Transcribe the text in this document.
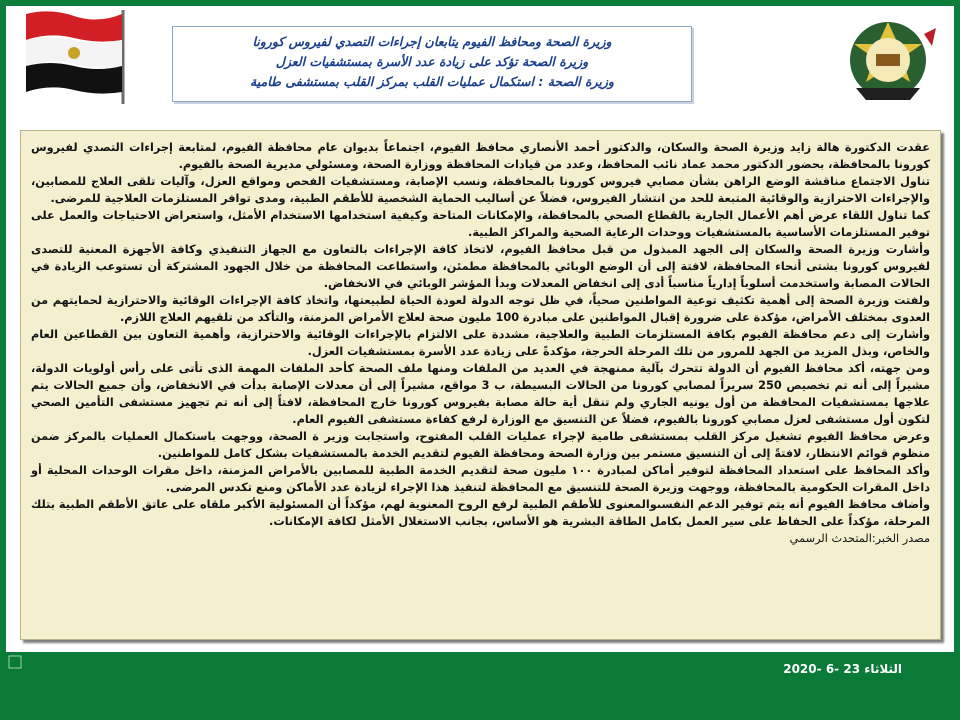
وزيرة الصحة ومحافظ الفيوم يتابعان إجراءات التصدي لفيروس كورونا

وزيرة الصحة تؤكد على زيادة عدد الأسرة بمستشفيات العزل

وزيرة الصحة : استكمال عمليات القلب بمركز القلب بمستشفى طامية

عقدت الدكتورة هالة زايد وزيرة الصحة والسكان، والدكتور أحمد الأنصاري محافظ الفيوم، اجتماعاً بديوان عام محافظة الفيوم، لمتابعة إجراءات التصدي لفيروس كورونا بالمحافظة، بحضور الدكتور محمد عماد نائب المحافظ، وعدد من قيادات المحافظة ووزارة الصحة، ومسئولي مديرية الصحة بالفيوم.

تناول الاجتماع مناقشة الوضع الراهن بشأن مصابي فيروس كورونا بالمحافظة، ونسب الإصابة، ومستشفيات الفحص ومواقع العزل، وآليات تلقى العلاج للمصابين، والإجراءات الاحترازية والوقائية المتبعة للحد من انتشار الفيروس، فضلاً عن أساليب الحماية الشخصية للأطقم الطبية، ومدى توافر المستلزمات العلاجية للمرضى.

كما تناول اللقاء عرض أهم الأعمال الجارية بالقطاع الصحي بالمحافظة، والإمكانات المتاحة وكيفية استخدامها الاستخدام الأمثل، واستعراض الاحتياجات والعمل على توفير المستلزمات الأساسية بالمستشفيات ووحدات الرعاية الصحية والمراكز الطبية.

وأشارت وزيرة الصحة والسكان إلى الجهد المبذول من قبل محافظ الفيوم، لاتخاذ كافة الإجراءات بالتعاون مع الجهاز التنفيذي وكافة الأجهزة المعنية للتصدى لفيروس كورونا بشتى أنحاء المحافظة، لافتة إلى أن الوضع الوبائي بالمحافظة مطمئن، واستطاعت المحافظة من خلال الجهود المشتركة أن تستوعب الزيادة في الحالات المصابة واستخدمت أسلوباً إدارياً مناسباً أدى إلى انخفاض المعدلات وبدأ المؤشر الوبائي في الانخفاض.

ولفتت وزيرة الصحة إلى أهمية تكثيف توعية المواطنين صحياً، في ظل توجه الدولة لعودة الحياة لطبيعتها، واتخاذ كافة الإجراءات الوقائية والاحترازية لحمايتهم من العدوى بمختلف الأمراض، مؤكدة على ضرورة إقبال المواطنين على مبادرة 100 مليون صحة لعلاج الأمراض المزمنة، والتأكد من تلقيهم العلاج اللازم.

وأشارت إلى دعم محافظة الفيوم بكافة المستلزمات الطبية والعلاجية، مشددة على الالتزام بالإجراءات الوقائية والاحترازية، وأهمية التعاون بين القطاعين العام والخاص، وبذل المزيد من الجهد للمرور من تلك المرحلة الحرجة، مؤكدةً على زيادة عدد الأسرة بمستشفيات العزل.

ومن جهته، أكد محافظ الفيوم أن الدولة تتحرك بآلية ممنهجة في العديد من الملفات ومنها ملف الصحة كأحد الملفات المهمة الذى تأتى على رأس أولويات الدولة، مشيراً إلى أنه تم تخصيص 250 سريراً لمصابي كورونا من الحالات البسيطة، ب 3 مواقع، مشيراً إلى أن معدلات الإصابة بدأت في الانخفاض، وأن جميع الحالات يتم علاجها بمستشفيات المحافظة من أول يونيه الجاري ولم تنقل أية حالة مصابة بفيروس كورونا خارج المحافظة، لافتاً إلى أنه تم تجهيز مستشفى التأمين الصحي لتكون أول مستشفى لعزل مصابي كورونا بالفيوم، فضلاً عن التنسيق مع الوزارة لرفع كفاءة مستشفى الفيوم العام.

وعرض محافظ الفيوم تشغيل مركز القلب بمستشفى طامية لإجراء عمليات القلب المفتوح، واستجابت وزير ة الصحة، ووجهت باستكمال العمليات بالمركز ضمن منظوم قوائم الانتظار، لافتةً إلى أن التنسيق مستمر بين وزارة الصحة ومحافظة الفيوم لتقديم الخدمة بالمستشفيات بشكل كامل للمواطنين.

وأكد المحافظ على استعداد المحافظة لتوفير أماكن لمبادرة ١٠٠ مليون صحة لتقديم الخدمة الطبية للمصابين بالأمراض المزمنة، داخل مقرات الوحدات المحلية أو داخل المقرات الحكومية بالمحافظة، ووجهت وزيرة الصحة للتنسيق مع المحافظة لتنفيذ هذا الإجراء لزيادة عدد الأماكن ومنع تكدس المرضى.

وأضاف محافظ الفيوم أنه يتم توفير الدعم النفسىوالمعنوى للأطقم الطبية لرفع الروح المعنوية لهم، مؤكداً أن المسئولية الأكبر ملقاه على عاتق الأطقم الطبية بتلك المرحلة، مؤكداً على الحفاظ على سير العمل بكامل الطاقة البشرية هو الأساس، بجانب الاستغلال الأمثل لكافة الإمكانات.

مصدر الخبر:المتحدث الرسمي

الثلاثاء 23 -6 -2020
